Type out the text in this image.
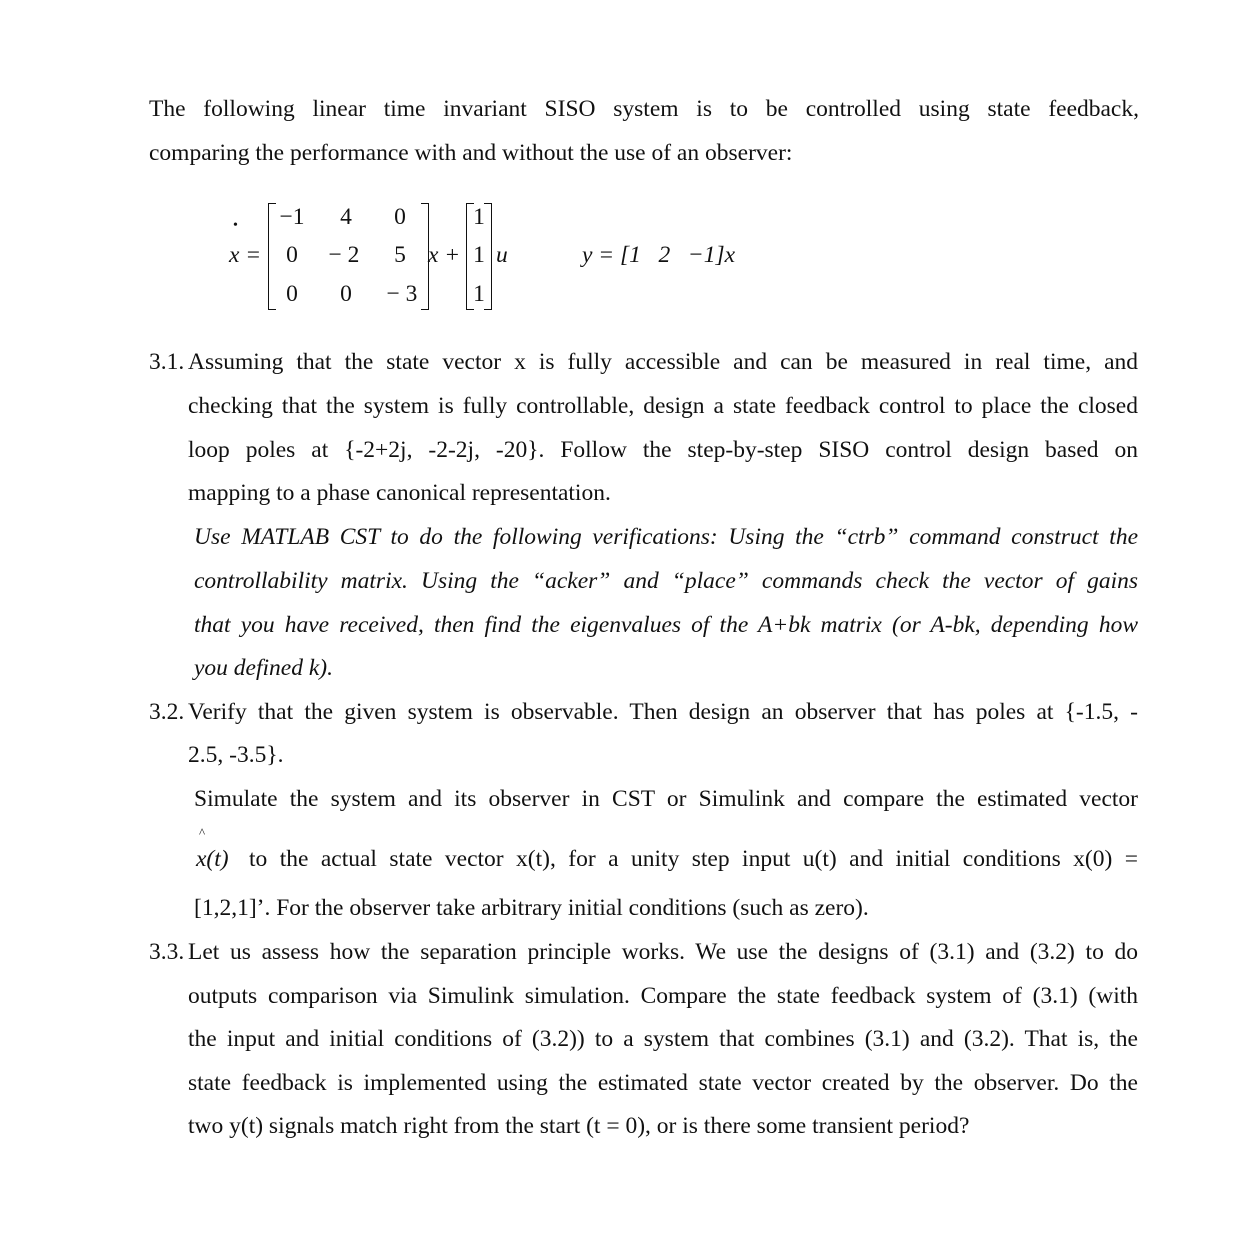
The following linear time invariant SISO system is to be controlled using state feedback,
comparing the performance with and without the use of an observer:
•
x =
−1	4	0
0	− 2	5
0	0	− 3
x +
1
1
1
u	y = [1   2   −1]x
3.1. Assuming that the state vector x is fully accessible and can be measured in real time, and
checking that the system is fully controllable, design a state feedback control to place the closed
loop poles at {-2+2j, -2-2j, -20}. Follow the step-by-step SISO control design based on
mapping to a phase canonical representation.
Use MATLAB CST to do the following verifications: Using the “ctrb” command construct the
controllability matrix. Using the “acker” and “place” commands check the vector of gains
that you have received, then find the eigenvalues of the A+bk matrix (or A-bk, depending how
you defined k).
3.2. Verify that the given system is observable. Then design an observer that has poles at {-1.5, -
2.5, -3.5}.
Simulate the system and its observer in CST or Simulink and compare the estimated vector
^
x(t) to the actual state vector x(t), for a unity step input u(t) and initial conditions x(0) =
[1,2,1]’. For the observer take arbitrary initial conditions (such as zero).
3.3. Let us assess how the separation principle works. We use the designs of (3.1) and (3.2) to do
outputs comparison via Simulink simulation. Compare the state feedback system of (3.1) (with
the input and initial conditions of (3.2)) to a system that combines (3.1) and (3.2). That is, the
state feedback is implemented using the estimated state vector created by the observer. Do the
two y(t) signals match right from the start (t = 0), or is there some transient period?
